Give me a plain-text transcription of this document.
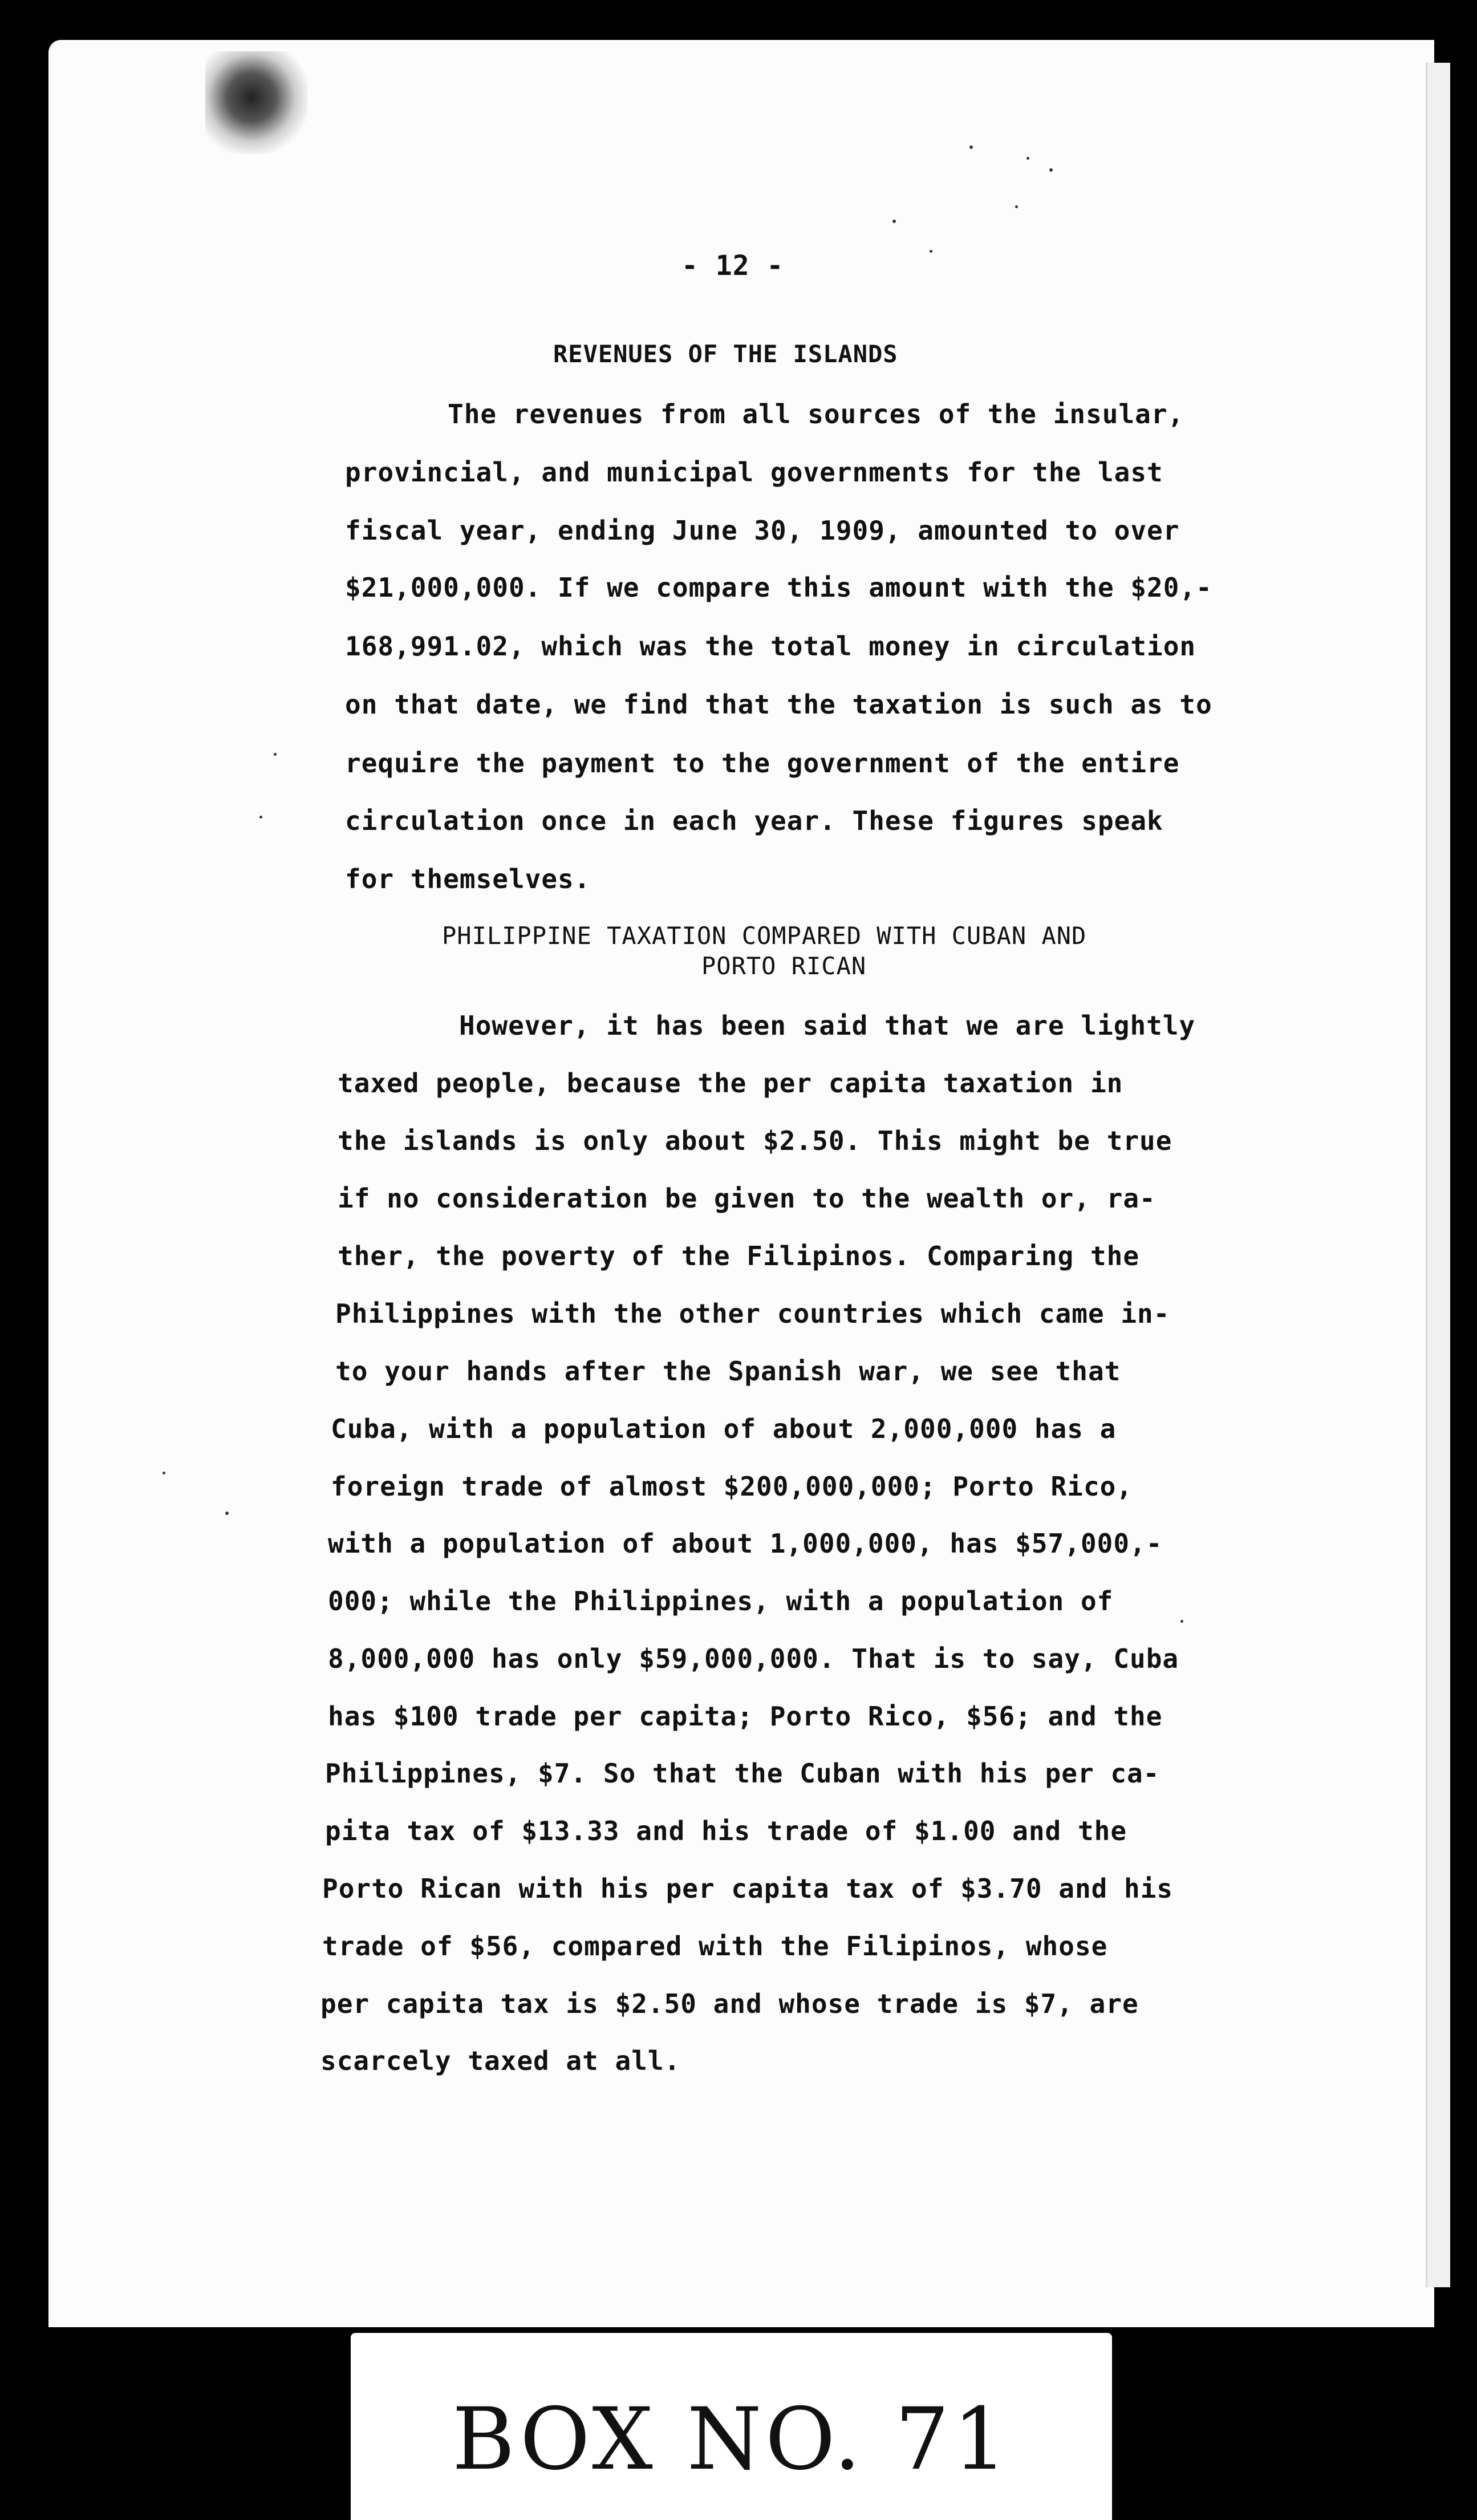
- 12 -
REVENUES OF THE ISLANDS
The revenues from all sources of the insular,
provincial, and municipal governments for the last
fiscal year, ending June 30, 1909, amounted to over
$21,000,000. If we compare this amount with the $20,-
168,991.02, which was the total money in circulation
on that date, we find that the taxation is such as to
require the payment to the government of the entire
circulation once in each year. These figures speak
for themselves.
PHILIPPINE TAXATION COMPARED WITH CUBAN AND
PORTO RICAN
However, it has been said that we are lightly
taxed people, because the per capita taxation in
the islands is only about $2.50. This might be true
if no consideration be given to the wealth or, ra-
ther, the poverty of the Filipinos. Comparing the
Philippines with the other countries which came in-
to your hands after the Spanish war, we see that
Cuba, with a population of about 2,000,000 has a
foreign trade of almost $200,000,000; Porto Rico,
with a population of about 1,000,000, has $57,000,-
000; while the Philippines, with a population of
8,000,000 has only $59,000,000. That is to say, Cuba
has $100 trade per capita; Porto Rico, $56; and the
Philippines, $7. So that the Cuban with his per ca-
pita tax of $13.33 and his trade of $1.00 and the
Porto Rican with his per capita tax of $3.70 and his
trade of $56, compared with the Filipinos, whose
per capita tax is $2.50 and whose trade is $7, are
scarcely taxed at all.
BOX NO. 71
